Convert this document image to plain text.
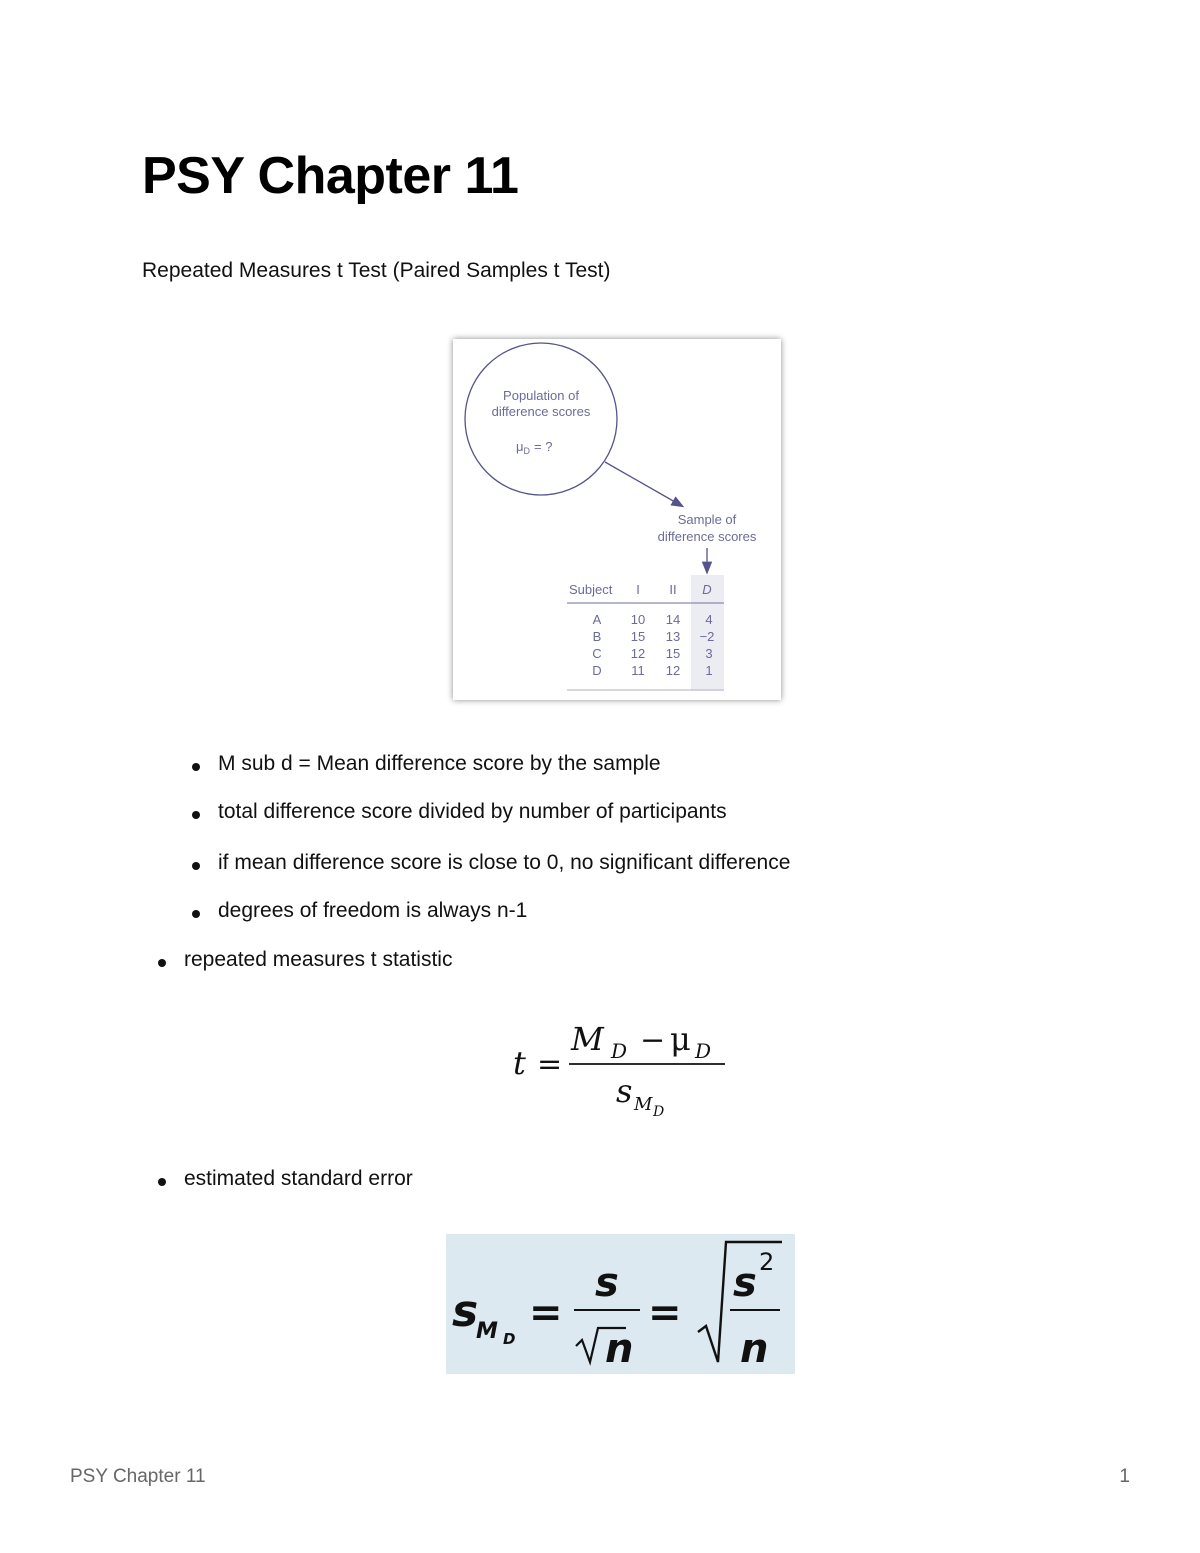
PSY Chapter 11
Repeated Measures t Test (Paired Samples t Test)
Population of
difference scores
$\mu_D$ = ?
Sample of
difference scores
Subject I II D
A 10 14 4
B 15 13 −2
C 12 15 3
D 11 12 1
M sub d = Mean difference score by the sample
total difference score divided by number of participants
if mean difference score is close to 0, no significant difference
degrees of freedom is always n-1
repeated measures t statistic
t =
M D − μ D
s M D
estimated standard error
s
M D
=
s
n
=
s 2
n
PSY Chapter 11	1
